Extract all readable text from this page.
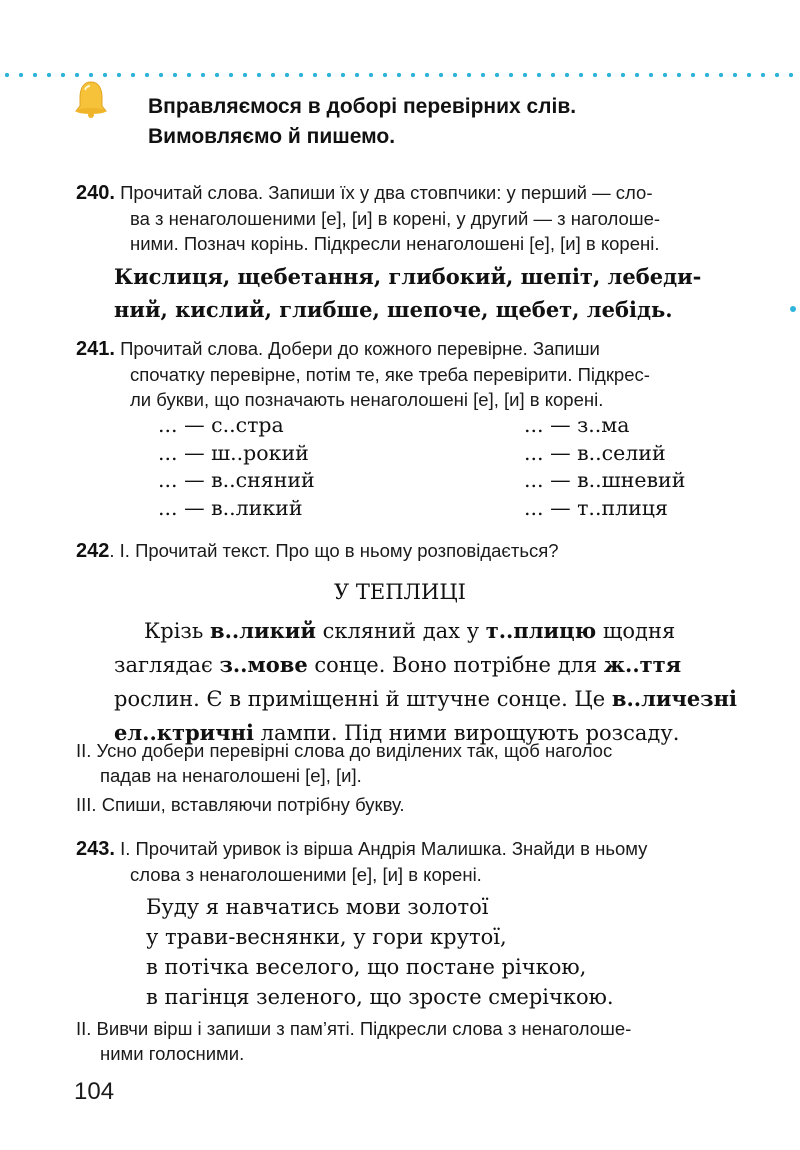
Вправляємося в доборі перевірних слів.
Вимовляємо й пишемо.
240. Прочитай слова. Запиши їх у два стовпчики: у перший — сло-
ва з ненаголошеними [е], [и] в корені, у другий — з наголоше-
ними. Познач корінь. Підкресли ненаголошені [е], [и] в корені.
Кислиця, щебетання, глибокий, шепіт, лебеди-
ний, кислий, глибше, шепоче, щебет, лебідь.
241. Прочитай слова. Добери до кожного перевірне. Запиши
спочатку перевірне, потім те, яке треба перевірити. Підкрес-
ли букви, що позначають ненаголошені [е], [и] в корені.
... — с..стра
... — ш..рокий
... — в..сняний
... — в..ликий
... — з..ма
... — в..селий
... — в..шневий
... — т..плиця
242. І. Прочитай текст. Про що в ньому розповідається?
У ТЕПЛИЦІ
Крізь в..ликий скляний дах у т..плицю щодня
заглядає з..мове сонце. Воно потрібне для ж..ття
рослин. Є в приміщенні й штучне сонце. Це в..личезні
ел..ктричні лампи. Під ними вирощують розсаду.
ІІ. Усно добери перевірні слова до виділених так, щоб наголос
падав на ненаголошені [е], [и].
ІІІ. Спиши, вставляючи потрібну букву.
243. І. Прочитай уривок із вірша Андрія Малишка. Знайди в ньому
слова з ненаголошеними [е], [и] в корені.
Буду я навчатись мови золотої
у трави-веснянки, у гори крутої,
в потічка веселого, що постане річкою,
в пагінця зеленого, що зросте смерічкою.
ІІ. Вивчи вірш і запиши з пам’яті. Підкресли слова з ненаголоше-
ними голосними.
104
